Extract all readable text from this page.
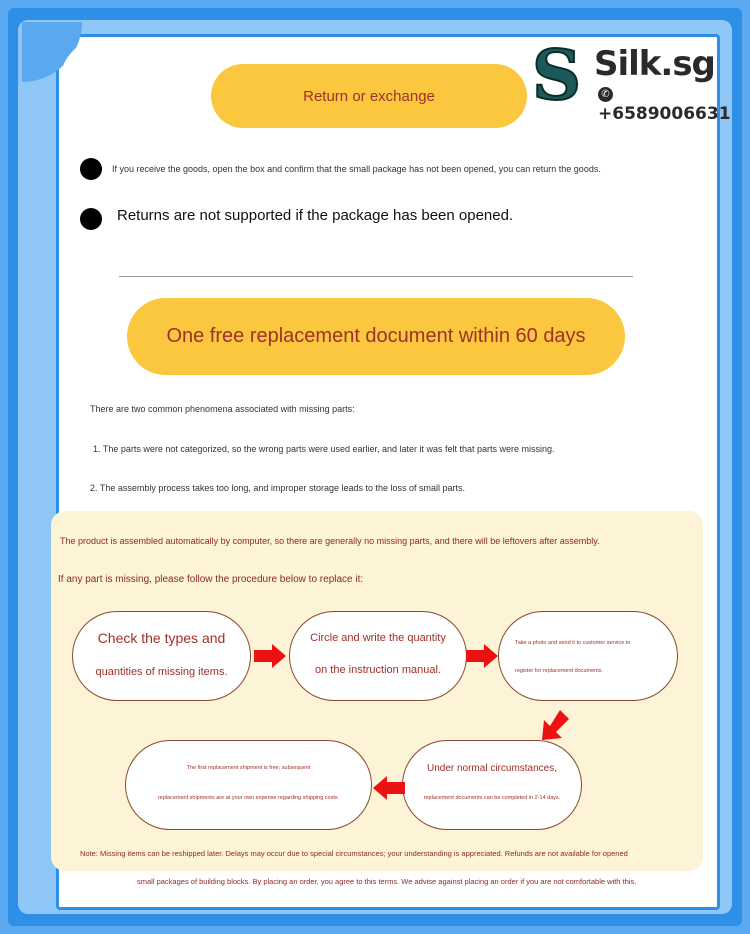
Return or exchange	S Silk.sg
✆+6589006631
If you receive the goods, open the box and confirm that the small package has not been opened, you can return the goods.
Returns are not supported if the package has been opened.
One free replacement document within 60 days
There are two common phenomena associated with missing parts:
1. The parts were not categorized, so the wrong parts were used earlier, and later it was felt that parts were missing.
2. The assembly process takes too long, and improper storage leads to the loss of small parts.
The product is assembled automatically by computer, so there are generally no missing parts, and there will be leftovers after assembly.
If any part is missing, please follow the procedure below to replace it:
Check the types and
quantities of missing items.
Circle and write the quantity
on the instruction manual.
Take a photo and send it to customer service to
register for replacement documents.
Under normal circumstances,
replacement documents can be completed in 2-14 days.
The first replacement shipment is free; subsequent
replacement shipments are at your own expense regarding shipping costs.
Note: Missing items can be reshipped later. Delays may occur due to special circumstances; your understanding is appreciated. Refunds are not available for opened
small packages of building blocks. By placing an order, you agree to this terms. We advise against placing an order if you are not comfortable with this.
